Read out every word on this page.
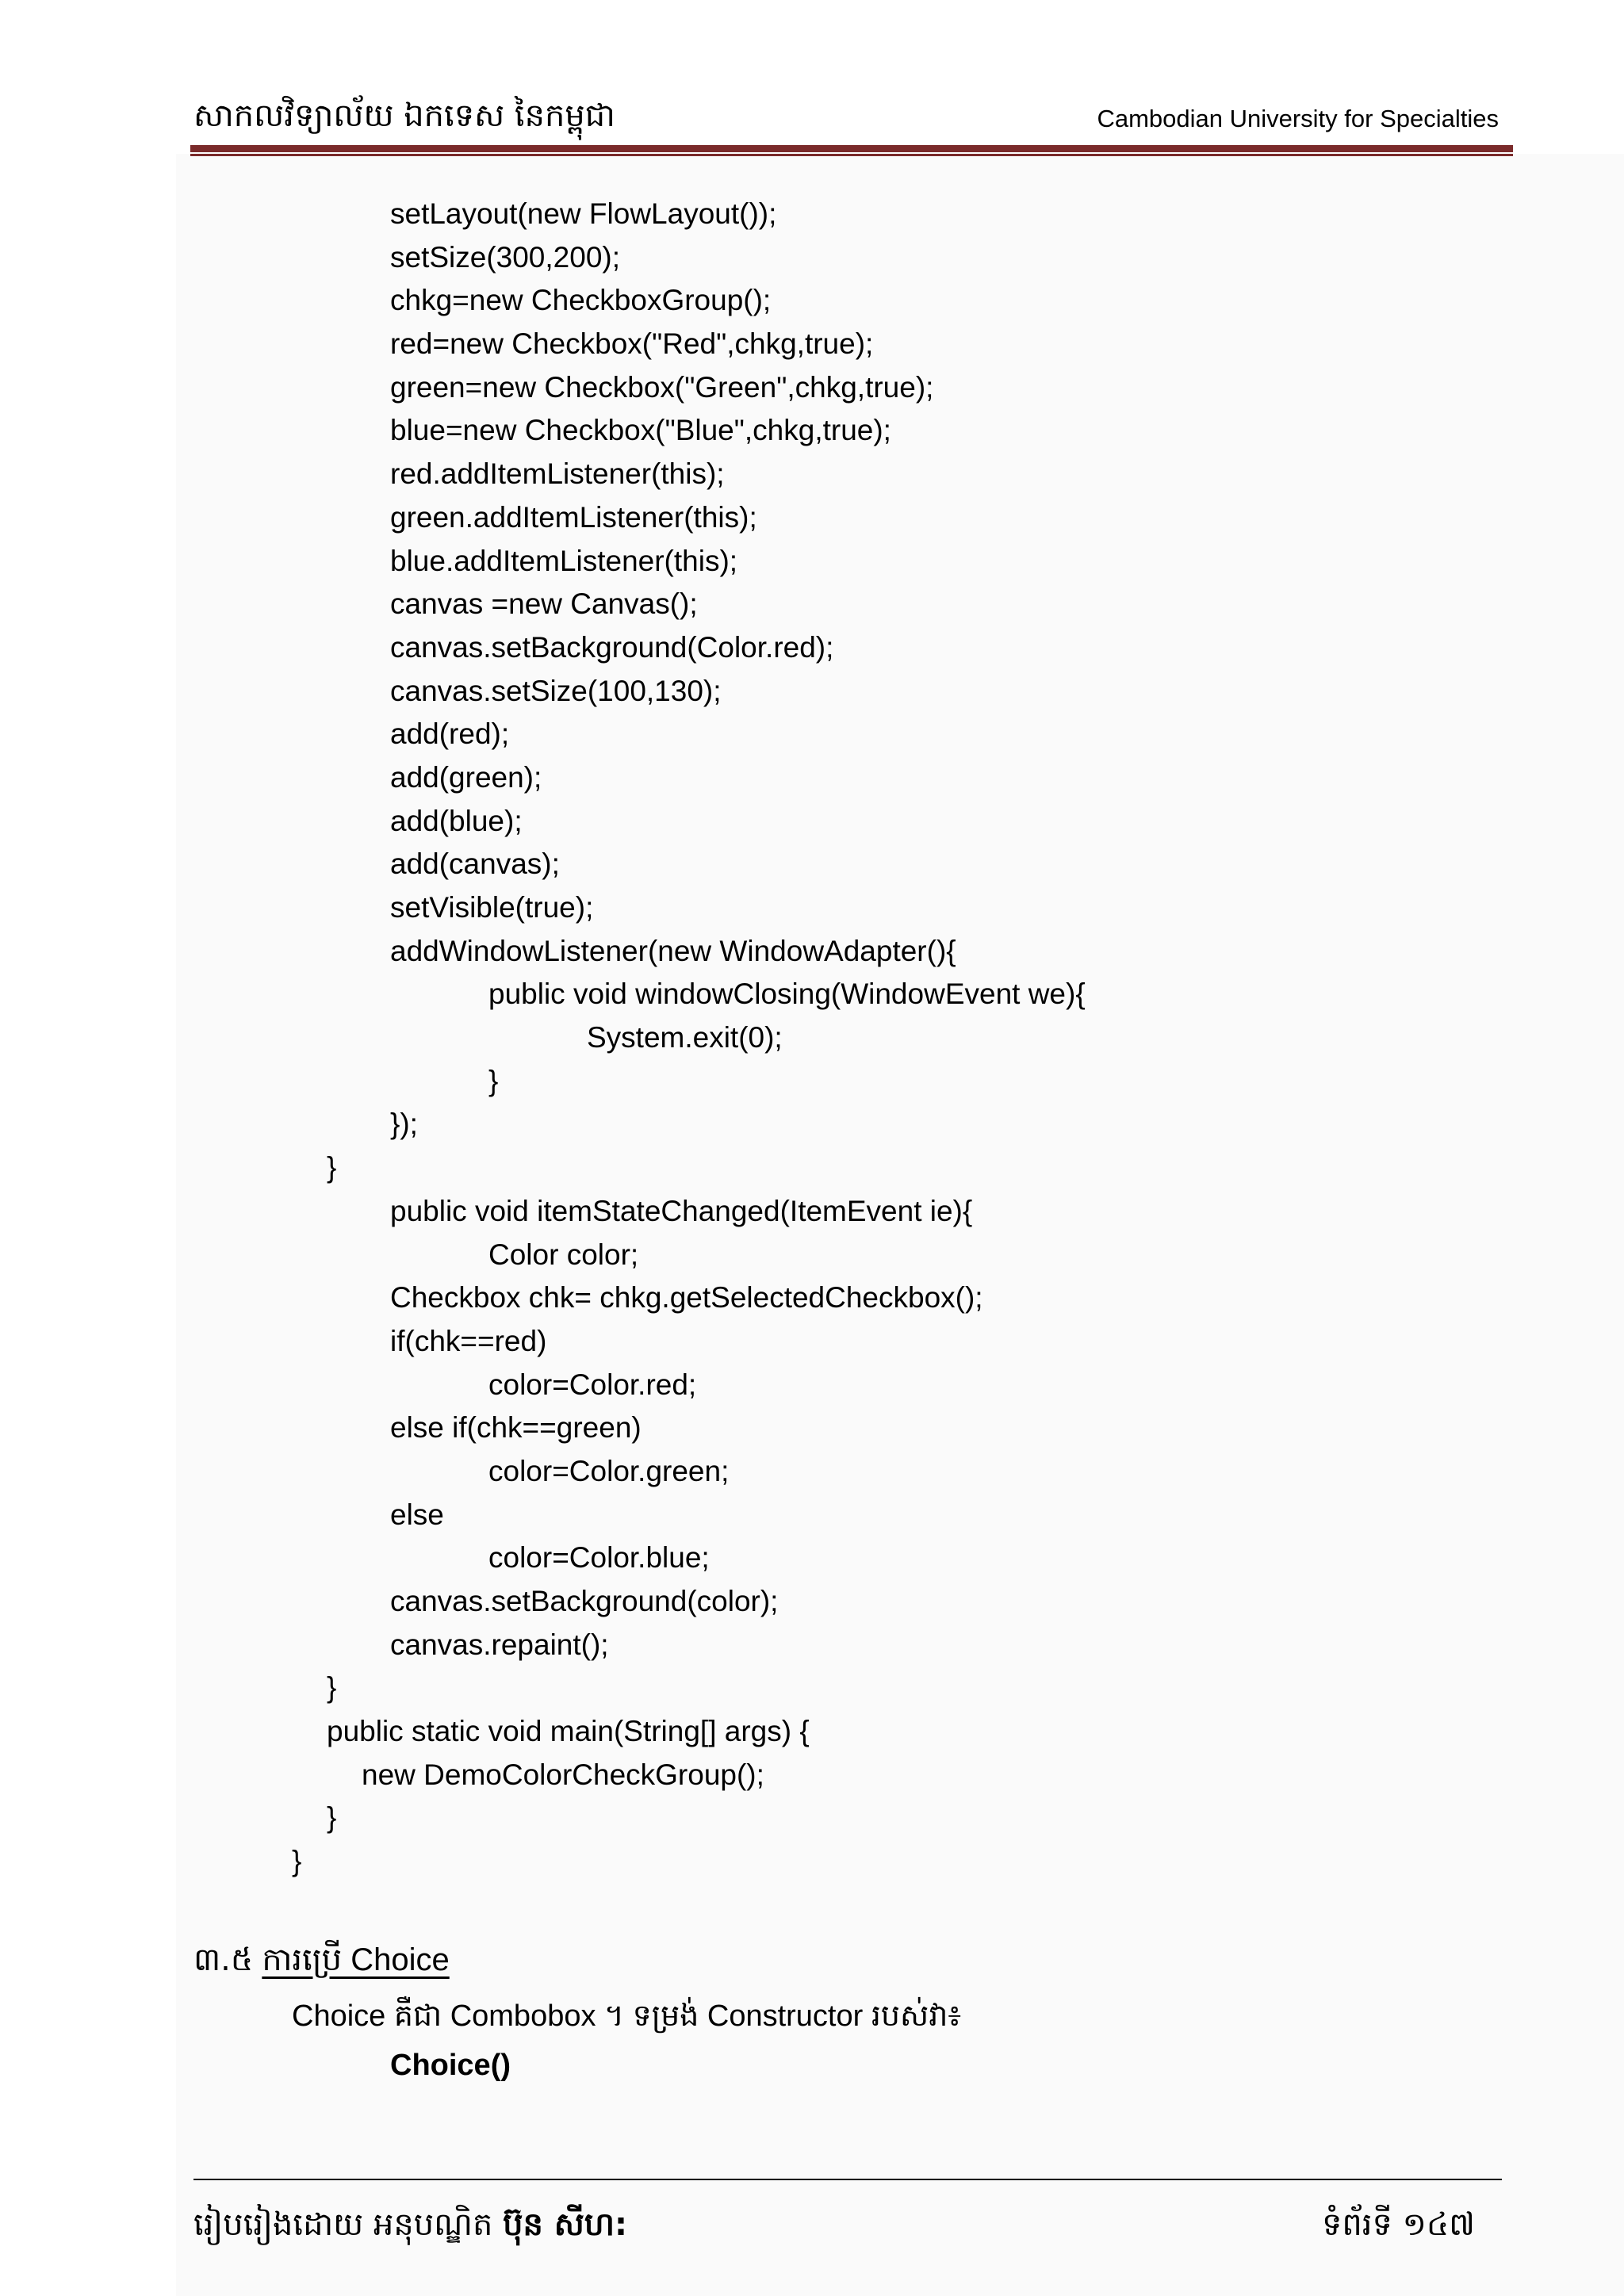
សាកលវិទ្យាល័យ ឯកទេស នៃកម្ពុជា	Cambodian University for Specialties
setLayout(new FlowLayout());
setSize(300,200);
chkg=new CheckboxGroup();
red=new Checkbox("Red",chkg,true);
green=new Checkbox("Green",chkg,true);
blue=new Checkbox("Blue",chkg,true);
red.addItemListener(this);
green.addItemListener(this);
blue.addItemListener(this);
canvas =new Canvas();
canvas.setBackground(Color.red);
canvas.setSize(100,130);
add(red);
add(green);
add(blue);
add(canvas);
setVisible(true);
addWindowListener(new WindowAdapter(){
public void windowClosing(WindowEvent we){
System.exit(0);
}
});
}
public void itemStateChanged(ItemEvent ie){
Color color;
Checkbox chk= chkg.getSelectedCheckbox();
if(chk==red)
color=Color.red;
else if(chk==green)
color=Color.green;
else
color=Color.blue;
canvas.setBackground(color);
canvas.repaint();
}
public static void main(String[] args) {
new DemoColorCheckGroup();
}
}
៣.៥ ការប្រើ Choice
Choice គឺជា Combobox ។ ទម្រង់ Constructor របស់វា៖
Choice()
រៀបរៀងដោយ អនុបណ្ឌិត ប៊ុន សីហ:	ទំព័រទី ១៤៧
